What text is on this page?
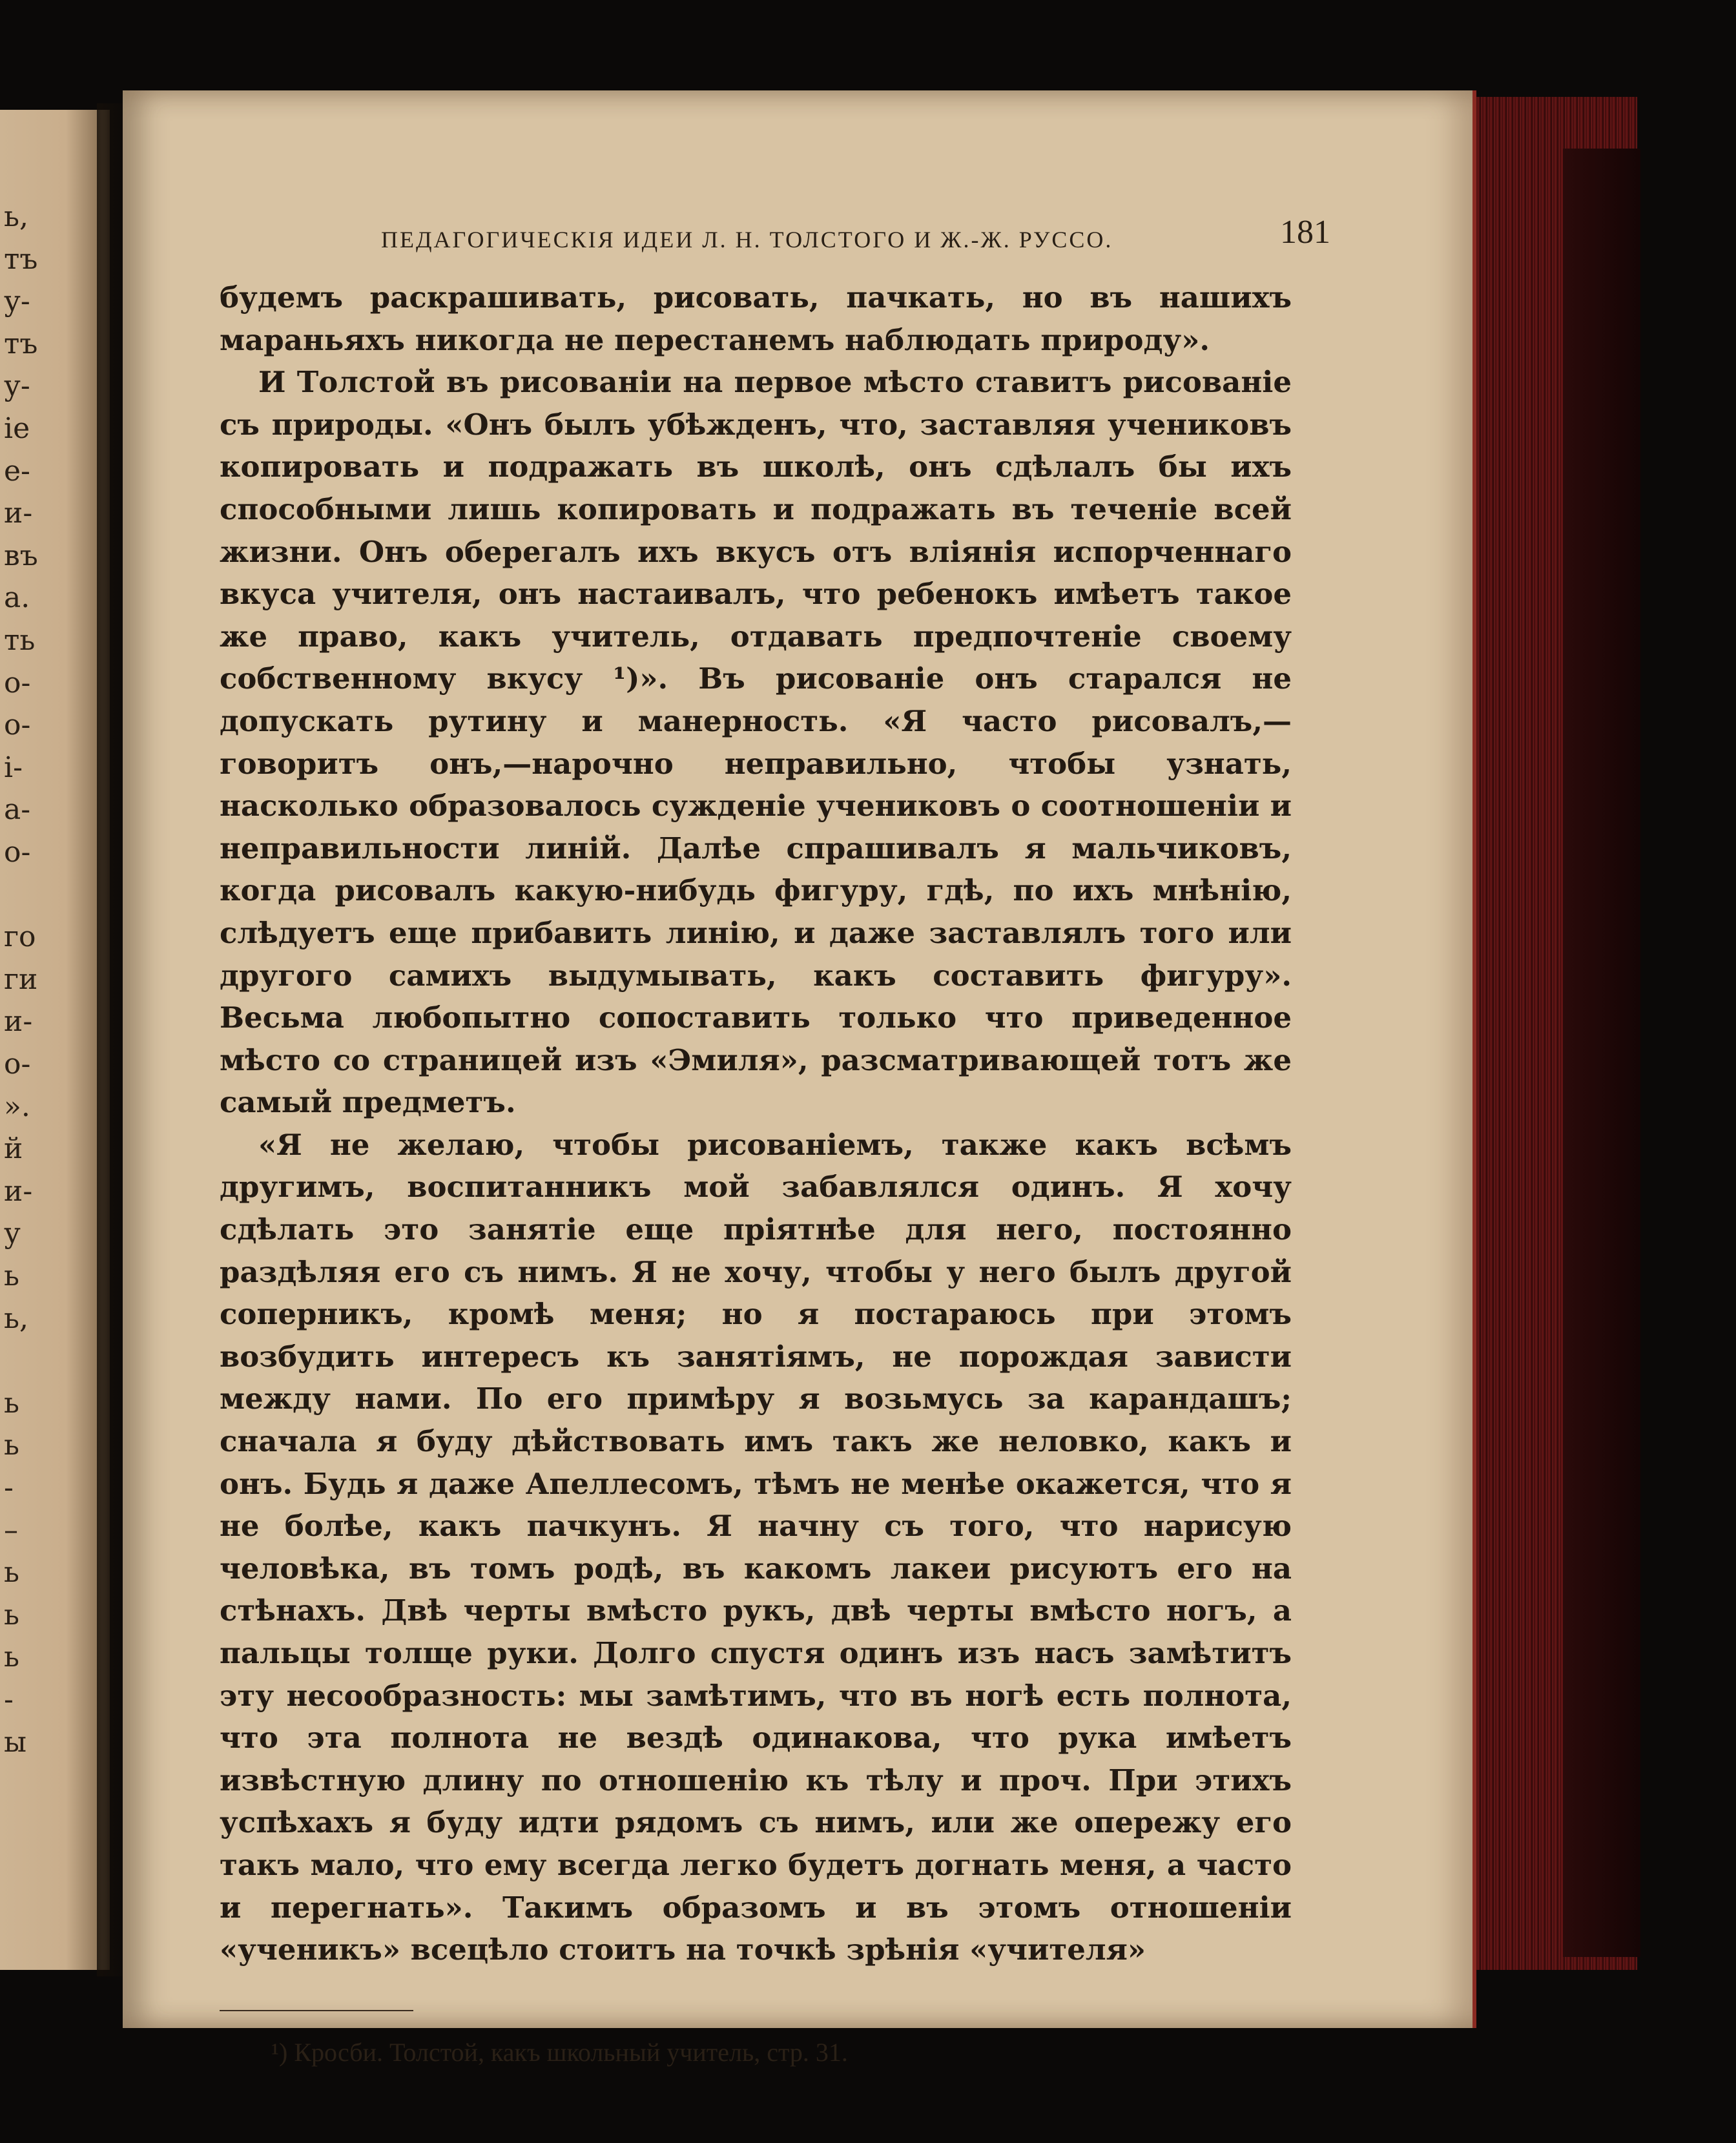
ь,
тъ
у-
тъ
у-
іе
е-
и-
въ
а.
ть
о-
о-
і-
а-
о-
го
ги
и-
о-
».
й
и-
у
ь
ь,
ь
ь
-
–
ь
ь
ь
-
ы
ПЕДАГОГИЧЕСКІЯ ИДЕИ Л. Н. ТОЛСТОГО И Ж.-Ж. РУССО.	181

будемъ раскрашивать, рисовать, пачкать, но въ нашихъ мараньяхъ никогда не перестанемъ наблюдать природу».

И Толстой въ рисованіи на первое мѣсто ставитъ рисованіе съ природы. «Онъ былъ убѣжденъ, что, заставляя учениковъ копировать и подражать въ школѣ, онъ сдѣлалъ бы ихъ способными лишь копировать и подражать въ теченіе всей жизни. Онъ оберегалъ ихъ вкусъ отъ вліянія испорченнаго вкуса учителя, онъ настаивалъ, что ребенокъ имѣетъ такое же право, какъ учитель, отдавать предпочтеніе своему собственному вкусу ¹)». Въ рисованіе онъ старался не допускать рутину и манерность. «Я часто рисовалъ,—говоритъ онъ,—нарочно неправильно, чтобы узнать, насколько образовалось сужденіе учениковъ о соотношеніи и неправильности линій. Далѣе спрашивалъ я мальчиковъ, когда рисовалъ какую-нибудь фигуру, гдѣ, по ихъ мнѣнію, слѣдуетъ еще прибавить линію, и даже заставлялъ того или другого самихъ выдумывать, какъ составить фигуру». Весьма любопытно сопоставить только что приведенное мѣсто со страницей изъ «Эмиля», разсматривающей тотъ же самый предметъ.

«Я не желаю, чтобы рисованіемъ, также какъ всѣмъ другимъ, воспитанникъ мой забавлялся одинъ. Я хочу сдѣлать это занятіе еще пріятнѣе для него, постоянно раздѣляя его съ нимъ. Я не хочу, чтобы у него былъ другой соперникъ, кромѣ меня; но я постараюсь при этомъ возбудить интересъ къ занятіямъ, не порождая зависти между нами. По его примѣру я возьмусь за карандашъ; сначала я буду дѣйствовать имъ такъ же неловко, какъ и онъ. Будь я даже Апеллесомъ, тѣмъ не менѣе окажется, что я не болѣе, какъ пачкунъ. Я начну съ того, что нарисую человѣка, въ томъ родѣ, въ какомъ лакеи рисуютъ его на стѣнахъ. Двѣ черты вмѣсто рукъ, двѣ черты вмѣсто ногъ, а пальцы толще руки. Долго спустя одинъ изъ насъ замѣтитъ эту несообразность: мы замѣтимъ, что въ ногѣ есть полнота, что эта полнота не вездѣ одинакова, что рука имѣетъ извѣстную длину по отношенію къ тѣлу и проч. При этихъ успѣхахъ я буду идти рядомъ съ нимъ, или же опережу его такъ мало, что ему всегда легко будетъ догнать меня, а часто и перегнать». Такимъ образомъ и въ этомъ отношеніи «ученикъ» всецѣло стоитъ на точкѣ зрѣнія «учителя»

¹) Кросби. Толстой, какъ школьный учитель, стр. 31.
